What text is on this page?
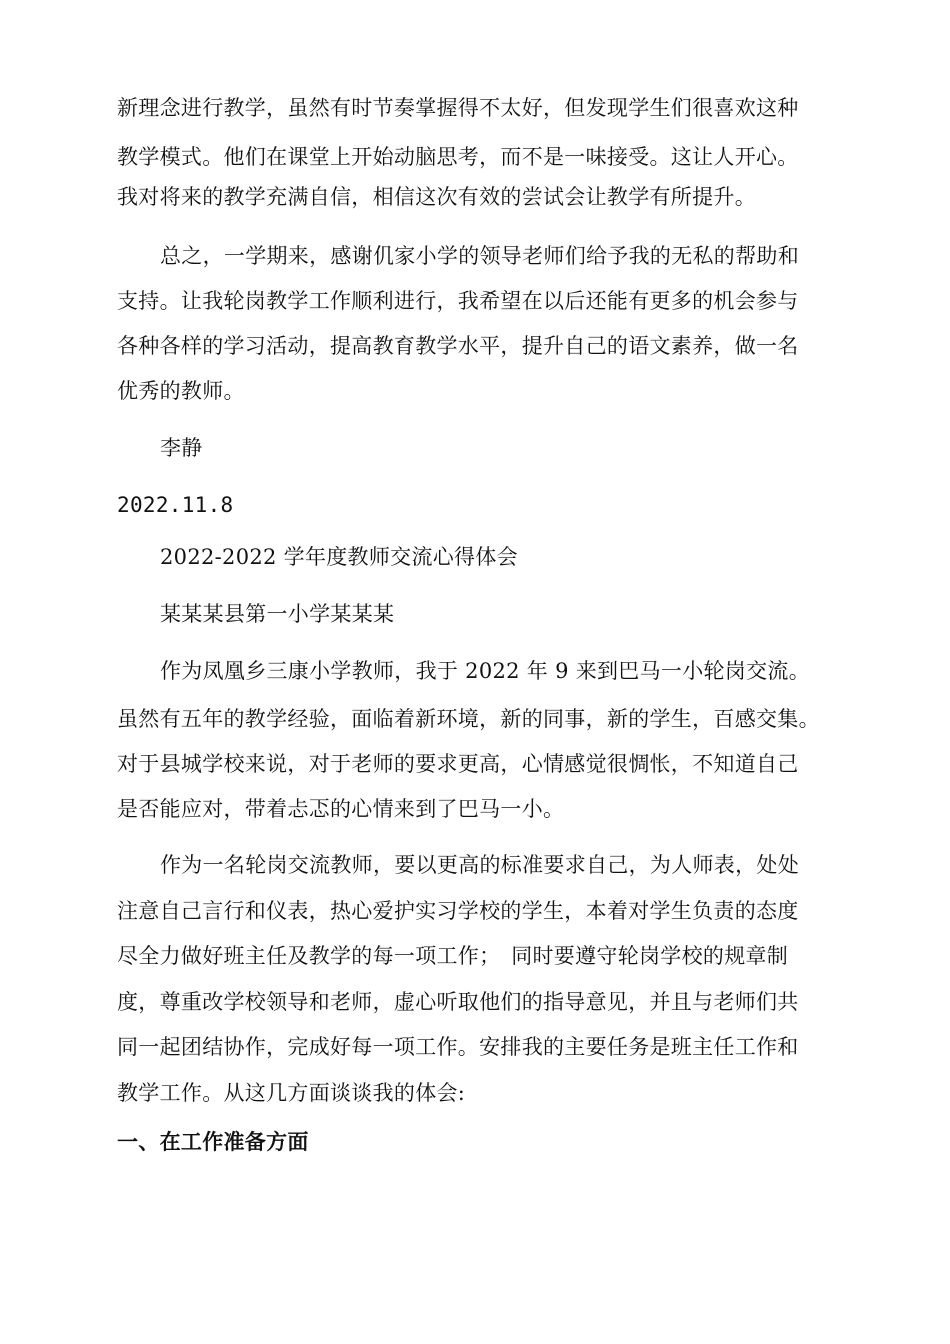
新理念进行教学，虽然有时节奏掌握得不太好，但发现学生们很喜欢这种
教学模式。他们在课堂上开始动脑思考，而不是一味接受。这让人开心。
我对将来的教学充满自信，相信这次有效的尝试会让教学有所提升。
总之，一学期来，感谢仉家小学的领导老师们给予我的无私的帮助和
支持。让我轮岗教学工作顺利进行，我希望在以后还能有更多的机会参与
各种各样的学习活动，提高教育教学水平，提升自己的语文素养，做一名
优秀的教师。
李静
2022.11.8
2022-2022 学年度教师交流心得体会
某某某县第一小学某某某
作为凤凰乡三康小学教师，我于 2022 年 9 来到巴马一小轮岗交流。
虽然有五年的教学经验，面临着新环境，新的同事，新的学生，百感交集。
对于县城学校来说，对于老师的要求更高，心情感觉很惆怅，不知道自己
是否能应对，带着忐忑的心情来到了巴马一小。
作为一名轮岗交流教师，要以更高的标准要求自己，为人师表，处处
注意自己言行和仪表，热心爱护实习学校的学生，本着对学生负责的态度
尽全力做好班主任及教学的每一项工作；　同时要遵守轮岗学校的规章制
度，尊重改学校领导和老师，虚心听取他们的指导意见，并且与老师们共
同一起团结协作，完成好每一项工作。安排我的主要任务是班主任工作和
教学工作。从这几方面谈谈我的体会:
一、在工作准备方面
